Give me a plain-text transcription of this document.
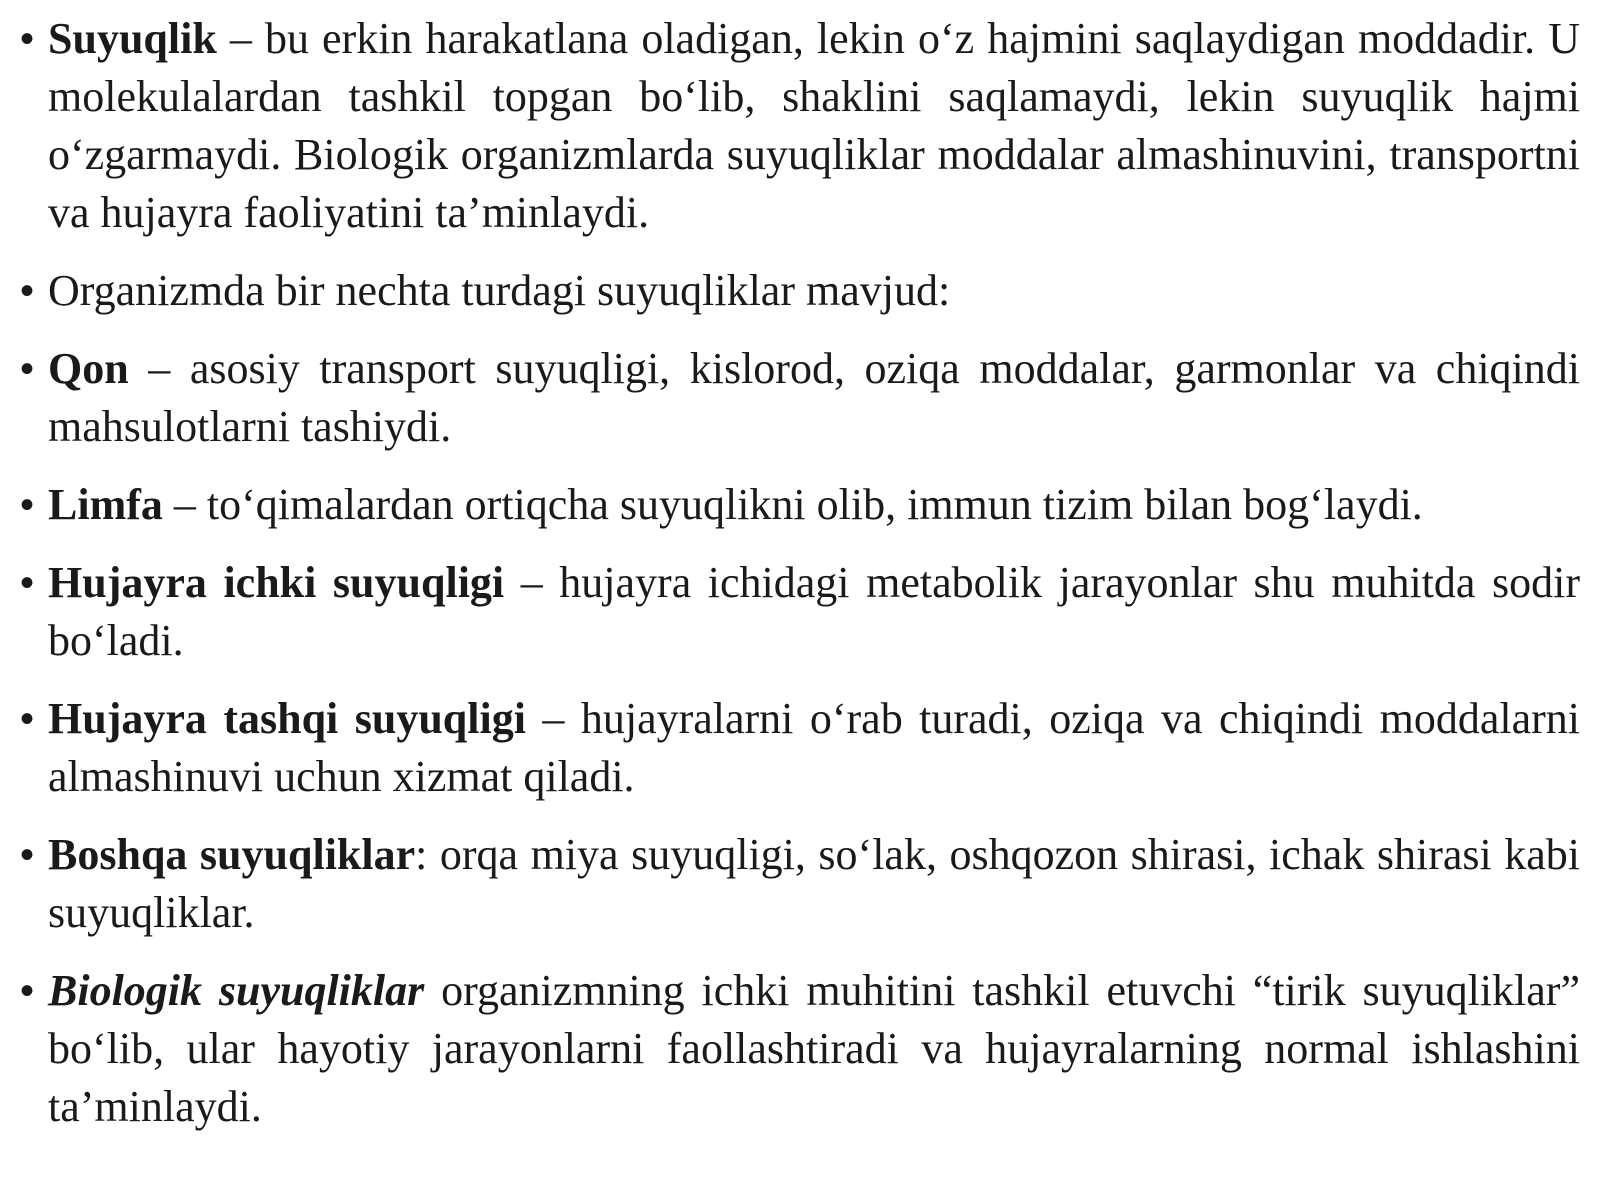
• Suyuqlik – bu erkin harakatlana oladigan, lekin o‘z hajmini saqlaydigan moddadir. U molekulalardan tashkil topgan bo‘lib, shaklini saqlamaydi, lekin suyuqlik hajmi o‘zgarmaydi. Biologik organizmlarda suyuqliklar moddalar almashinuvini, transportni va hujayra faoliyatini ta’minlaydi.
• Organizmda bir nechta turdagi suyuqliklar mavjud:
• Qon – asosiy transport suyuqligi, kislorod, oziqa moddalar, garmonlar va chiqindi mahsulotlarni tashiydi.
• Limfa – to‘qimalardan ortiqcha suyuqlikni olib, immun tizim bilan bog‘laydi.
• Hujayra ichki suyuqligi – hujayra ichidagi metabolik jarayonlar shu muhitda sodir bo‘ladi.
• Hujayra tashqi suyuqligi – hujayralarni o‘rab turadi, oziqa va chiqindi moddalarni almashinuvi uchun xizmat qiladi.
• Boshqa suyuqliklar: orqa miya suyuqligi, so‘lak, oshqozon shirasi, ichak shirasi kabi suyuqliklar.
• Biologik suyuqliklar organizmning ichki muhitini tashkil etuvchi “tirik suyuqliklar” bo‘lib, ular hayotiy jarayonlarni faollashtiradi va hujayralarning normal ishlashini ta’minlaydi.
